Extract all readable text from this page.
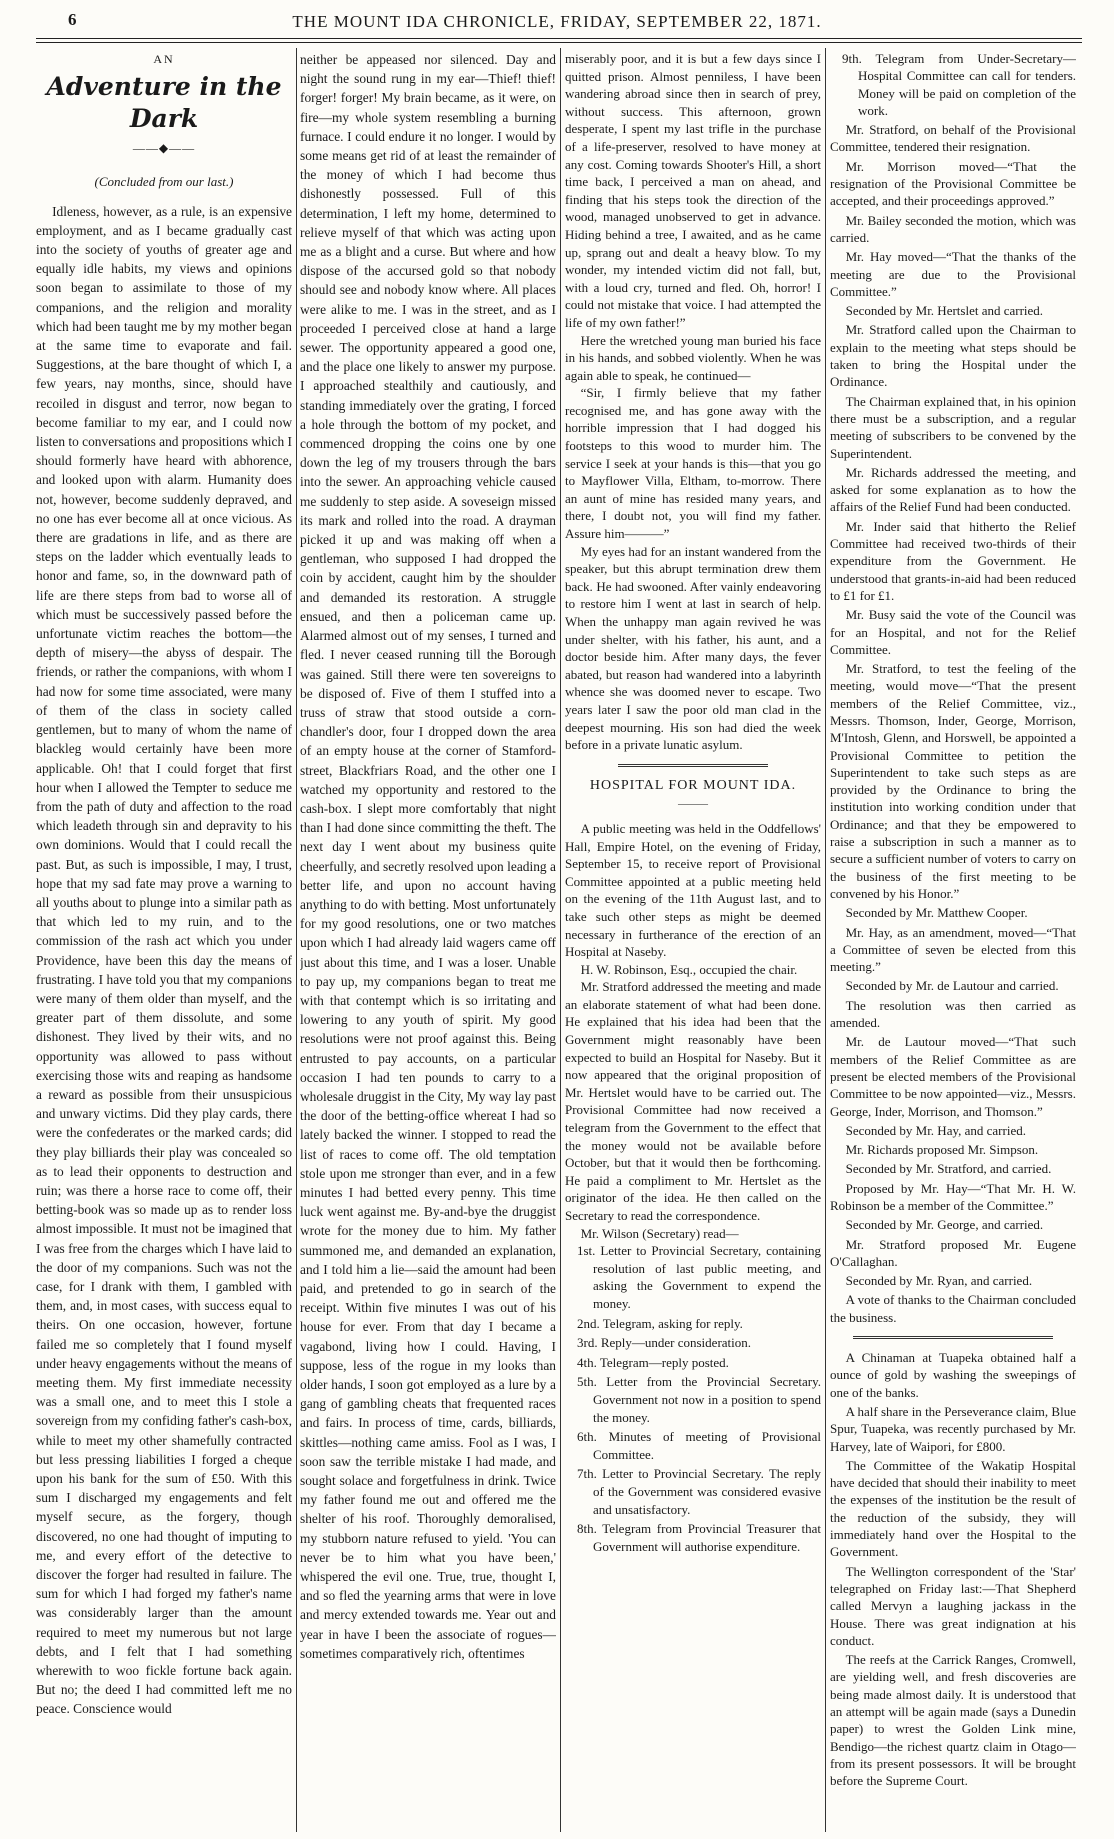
6	THE MOUNT IDA CHRONICLE, FRIDAY, SEPTEMBER 22, 1871.
AN
Adventure in the Dark
——◆——
(Concluded from our last.)

Idleness, however, as a rule, is an expensive employment, and as I became gradually cast into the society of youths of greater age and equally idle habits, my views and opinions soon began to assimilate to those of my companions, and the religion and morality which had been taught me by my mother began at the same time to evaporate and fail. Suggestions, at the bare thought of which I, a few years, nay months, since, should have recoiled in disgust and terror, now began to become familiar to my ear, and I could now listen to conversations and propositions which I should formerly have heard with abhorence, and looked upon with alarm. Humanity does not, however, become suddenly depraved, and no one has ever become all at once vicious. As there are gradations in life, and as there are steps on the ladder which eventually leads to honor and fame, so, in the downward path of life are there steps from bad to worse all of which must be successively passed before the unfortunate victim reaches the bottom—the depth of misery—the abyss of despair. The friends, or rather the companions, with whom I had now for some time associated, were many of them of the class in society called gentlemen, but to many of whom the name of blackleg would certainly have been more applicable. Oh! that I could forget that first hour when I allowed the Tempter to seduce me from the path of duty and affection to the road which leadeth through sin and depravity to his own dominions. Would that I could recall the past. But, as such is impossible, I may, I trust, hope that my sad fate may prove a warning to all youths about to plunge into a similar path as that which led to my ruin, and to the commission of the rash act which you under Providence, have been this day the means of frustrating. I have told you that my companions were many of them older than myself, and the greater part of them dissolute, and some dishonest. They lived by their wits, and no opportunity was allowed to pass without exercising those wits and reaping as handsome a reward as possible from their unsuspicious and unwary victims. Did they play cards, there were the confederates or the marked cards; did they play billiards their play was concealed so as to lead their opponents to destruction and ruin; was there a horse race to come off, their betting-book was so made up as to render loss almost impossible. It must not be imagined that I was free from the charges which I have laid to the door of my companions. Such was not the case, for I drank with them, I gambled with them, and, in most cases, with success equal to theirs. On one occasion, however, fortune failed me so completely that I found myself under heavy engagements without the means of meeting them. My first immediate necessity was a small one, and to meet this I stole a sovereign from my confiding father's cash-box, while to meet my other shamefully contracted but less pressing liabilities I forged a cheque upon his bank for the sum of £50. With this sum I discharged my engagements and felt myself secure, as the forgery, though discovered, no one had thought of imputing to me, and every effort of the detective to discover the forger had resulted in failure. The sum for which I had forged my father's name was considerably larger than the amount required to meet my numerous but not large debts, and I felt that I had something wherewith to woo fickle fortune back again. But no; the deed I had committed left me no peace. Conscience would

neither be appeased nor silenced. Day and night the sound rung in my ear—Thief! thief! forger! forger! My brain became, as it were, on fire—my whole system resembling a burning furnace. I could endure it no longer. I would by some means get rid of at least the remainder of the money of which I had become thus dishonestly possessed. Full of this determination, I left my home, determined to relieve myself of that which was acting upon me as a blight and a curse. But where and how dispose of the accursed gold so that nobody should see and nobody know where. All places were alike to me. I was in the street, and as I proceeded I perceived close at hand a large sewer. The opportunity appeared a good one, and the place one likely to answer my purpose. I approached stealthily and cautiously, and standing immediately over the grating, I forced a hole through the bottom of my pocket, and commenced dropping the coins one by one down the leg of my trousers through the bars into the sewer. An approaching vehicle caused me suddenly to step aside. A soveseign missed its mark and rolled into the road. A drayman picked it up and was making off when a gentleman, who supposed I had dropped the coin by accident, caught him by the shoulder and demanded its restoration. A struggle ensued, and then a policeman came up. Alarmed almost out of my senses, I turned and fled. I never ceased running till the Borough was gained. Still there were ten sovereigns to be disposed of. Five of them I stuffed into a truss of straw that stood outside a corn-chandler's door, four I dropped down the area of an empty house at the corner of Stamford-street, Blackfriars Road, and the other one I watched my opportunity and restored to the cash-box. I slept more comfortably that night than I had done since committing the theft. The next day I went about my business quite cheerfully, and secretly resolved upon leading a better life, and upon no account having anything to do with betting. Most unfortunately for my good resolutions, one or two matches upon which I had already laid wagers came off just about this time, and I was a loser. Unable to pay up, my companions began to treat me with that contempt which is so irritating and lowering to any youth of spirit. My good resolutions were not proof against this. Being entrusted to pay accounts, on a particular occasion I had ten pounds to carry to a wholesale druggist in the City, My way lay past the door of the betting-office whereat I had so lately backed the winner. I stopped to read the list of races to come off. The old temptation stole upon me stronger than ever, and in a few minutes I had betted every penny. This time luck went against me. By-and-bye the druggist wrote for the money due to him. My father summoned me, and demanded an explanation, and I told him a lie—said the amount had been paid, and pretended to go in search of the receipt. Within five minutes I was out of his house for ever. From that day I became a vagabond, living how I could. Having, I suppose, less of the rogue in my looks than older hands, I soon got employed as a lure by a gang of gambling cheats that frequented races and fairs. In process of time, cards, billiards, skittles—nothing came amiss. Fool as I was, I soon saw the terrible mistake I had made, and sought solace and forgetfulness in drink. Twice my father found me out and offered me the shelter of his roof. Thoroughly demoralised, my stubborn nature refused to yield. 'You can never be to him what you have been,' whispered the evil one. True, true, thought I, and so fled the yearning arms that were in love and mercy extended towards me. Year out and year in have I been the associate of rogues—sometimes comparatively rich, oftentimes

miserably poor, and it is but a few days since I quitted prison. Almost penniless, I have been wandering abroad since then in search of prey, without success. This afternoon, grown desperate, I spent my last trifle in the purchase of a life-preserver, resolved to have money at any cost. Coming towards Shooter's Hill, a short time back, I perceived a man on ahead, and finding that his steps took the direction of the wood, managed unobserved to get in advance. Hiding behind a tree, I awaited, and as he came up, sprang out and dealt a heavy blow. To my wonder, my intended victim did not fall, but, with a loud cry, turned and fled. Oh, horror! I could not mistake that voice. I had attempted the life of my own father!”

Here the wretched young man buried his face in his hands, and sobbed violently. When he was again able to speak, he continued—

“Sir, I firmly believe that my father recognised me, and has gone away with the horrible impression that I had dogged his footsteps to this wood to murder him. The service I seek at your hands is this—that you go to Mayflower Villa, Eltham, to-morrow. There an aunt of mine has resided many years, and there, I doubt not, you will find my father. Assure him———”

My eyes had for an instant wandered from the speaker, but this abrupt termination drew them back. He had swooned. After vainly endeavoring to restore him I went at last in search of help. When the unhappy man again revived he was under shelter, with his father, his aunt, and a doctor beside him. After many days, the fever abated, but reason had wandered into a labyrinth whence she was doomed never to escape. Two years later I saw the poor old man clad in the deepest mourning. His son had died the week before in a private lunatic asylum.

HOSPITAL FOR MOUNT IDA.
———

A public meeting was held in the Oddfellows' Hall, Empire Hotel, on the evening of Friday, September 15, to receive report of Provisional Committee appointed at a public meeting held on the evening of the 11th August last, and to take such other steps as might be deemed necessary in furtherance of the erection of an Hospital at Naseby.

H. W. Robinson, Esq., occupied the chair.

Mr. Stratford addressed the meeting and made an elaborate statement of what had been done. He explained that his idea had been that the Government might reasonably have been expected to build an Hospital for Naseby. But it now appeared that the original proposition of Mr. Hertslet would have to be carried out. The Provisional Committee had now received a telegram from the Government to the effect that the money would not be available before October, but that it would then be forthcoming. He paid a compliment to Mr. Hertslet as the originator of the idea. He then called on the Secretary to read the correspondence.

Mr. Wilson (Secretary) read—

1st. Letter to Provincial Secretary, containing resolution of last public meeting, and asking the Government to expend the money.

2nd. Telegram, asking for reply.

3rd. Reply—under consideration.

4th. Telegram—reply posted.

5th. Letter from the Provincial Secretary. Government not now in a position to spend the money.

6th. Minutes of meeting of Provisional Committee.

7th. Letter to Provincial Secretary. The reply of the Government was considered evasive and unsatisfactory.

8th. Telegram from Provincial Treasurer that Government will authorise expenditure.

9th. Telegram from Under-Secretary—Hospital Committee can call for tenders. Money will be paid on completion of the work.

Mr. Stratford, on behalf of the Provisional Committee, tendered their resignation.

Mr. Morrison moved—“That the resignation of the Provisional Committee be accepted, and their proceedings approved.”

Mr. Bailey seconded the motion, which was carried.

Mr. Hay moved—“That the thanks of the meeting are due to the Provisional Committee.”

Seconded by Mr. Hertslet and carried.

Mr. Stratford called upon the Chairman to explain to the meeting what steps should be taken to bring the Hospital under the Ordinance.

The Chairman explained that, in his opinion there must be a subscription, and a regular meeting of subscribers to be convened by the Superintendent.

Mr. Richards addressed the meeting, and asked for some explanation as to how the affairs of the Relief Fund had been conducted.

Mr. Inder said that hitherto the Relief Committee had received two-thirds of their expenditure from the Government. He understood that grants-in-aid had been reduced to £1 for £1.

Mr. Busy said the vote of the Council was for an Hospital, and not for the Relief Committee.

Mr. Stratford, to test the feeling of the meeting, would move—“That the present members of the Relief Committee, viz., Messrs. Thomson, Inder, George, Morrison, M'Intosh, Glenn, and Horswell, be appointed a Provisional Committee to petition the Superintendent to take such steps as are provided by the Ordinance to bring the institution into working condition under that Ordinance; and that they be empowered to raise a subscription in such a manner as to secure a sufficient number of voters to carry on the business of the first meeting to be convened by his Honor.”

Seconded by Mr. Matthew Cooper.

Mr. Hay, as an amendment, moved—“That a Committee of seven be elected from this meeting.”

Seconded by Mr. de Lautour and carried.

The resolution was then carried as amended.

Mr. de Lautour moved—“That such members of the Relief Committee as are present be elected members of the Provisional Committee to be now appointed—viz., Messrs. George, Inder, Morrison, and Thomson.”

Seconded by Mr. Hay, and carried.

Mr. Richards proposed Mr. Simpson.

Seconded by Mr. Stratford, and carried.

Proposed by Mr. Hay—“That Mr. H. W. Robinson be a member of the Committee.”

Seconded by Mr. George, and carried.

Mr. Stratford proposed Mr. Eugene O'Callaghan.

Seconded by Mr. Ryan, and carried.

A vote of thanks to the Chairman concluded the business.

A Chinaman at Tuapeka obtained half a ounce of gold by washing the sweepings of one of the banks.

A half share in the Perseverance claim, Blue Spur, Tuapeka, was recently purchased by Mr. Harvey, late of Waipori, for £800.

The Committee of the Wakatip Hospital have decided that should their inability to meet the expenses of the institution be the result of the reduction of the subsidy, they will immediately hand over the Hospital to the Government.

The Wellington correspondent of the 'Star' telegraphed on Friday last:—That Shepherd called Mervyn a laughing jackass in the House. There was great indignation at his conduct.

The reefs at the Carrick Ranges, Cromwell, are yielding well, and fresh discoveries are being made almost daily. It is understood that an attempt will be again made (says a Dunedin paper) to wrest the Golden Link mine, Bendigo—the richest quartz claim in Otago—from its present possessors. It will be brought before the Supreme Court.
